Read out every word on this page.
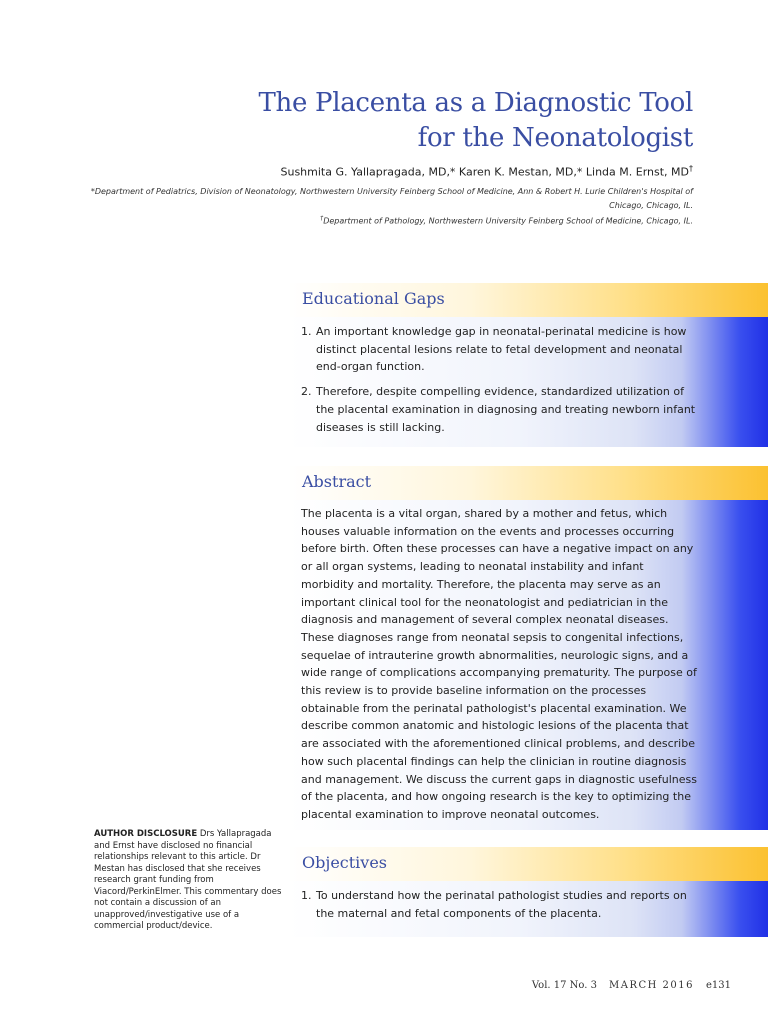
The Placenta as a Diagnostic Tool
for the Neonatologist
Sushmita G. Yallapragada, MD,* Karen K. Mestan, MD,* Linda M. Ernst, MD†
*Department of Pediatrics, Division of Neonatology, Northwestern University Feinberg School of Medicine, Ann & Robert H. Lurie Children's Hospital of
Chicago, Chicago, IL.
†Department of Pathology, Northwestern University Feinberg School of Medicine, Chicago, IL.
Educational Gaps
1. An important knowledge gap in neonatal-perinatal medicine is how distinct placental lesions relate to fetal development and neonatal end-organ function.
2. Therefore, despite compelling evidence, standardized utilization of the placental examination in diagnosing and treating newborn infant diseases is still lacking.
Abstract

The placenta is a vital organ, shared by a mother and fetus, which houses valuable information on the events and processes occurring before birth. Often these processes can have a negative impact on any or all organ systems, leading to neonatal instability and infant morbidity and mortality. Therefore, the placenta may serve as an important clinical tool for the neonatologist and pediatrician in the diagnosis and management of several complex neonatal diseases. These diagnoses range from neonatal sepsis to congenital infections, sequelae of intrauterine growth abnormalities, neurologic signs, and a wide range of complications accompanying prematurity. The purpose of this review is to provide baseline information on the processes obtainable from the perinatal pathologist's placental examination. We describe common anatomic and histologic lesions of the placenta that are associated with the aforementioned clinical problems, and describe how such placental findings can help the clinician in routine diagnosis and management. We discuss the current gaps in diagnostic usefulness of the placenta, and how ongoing research is the key to optimizing the placental examination to improve neonatal outcomes.

Objectives
1. To understand how the perinatal pathologist studies and reports on the maternal and fetal components of the placenta.
AUTHOR DISCLOSURE Drs Yallapragada and Ernst have disclosed no financial relationships relevant to this article. Dr Mestan has disclosed that she receives research grant funding from Viacord/PerkinElmer. This commentary does not contain a discussion of an unapproved/investigative use of a commercial product/device.
Vol. 17 No. 3 MARCH 2016 e131
